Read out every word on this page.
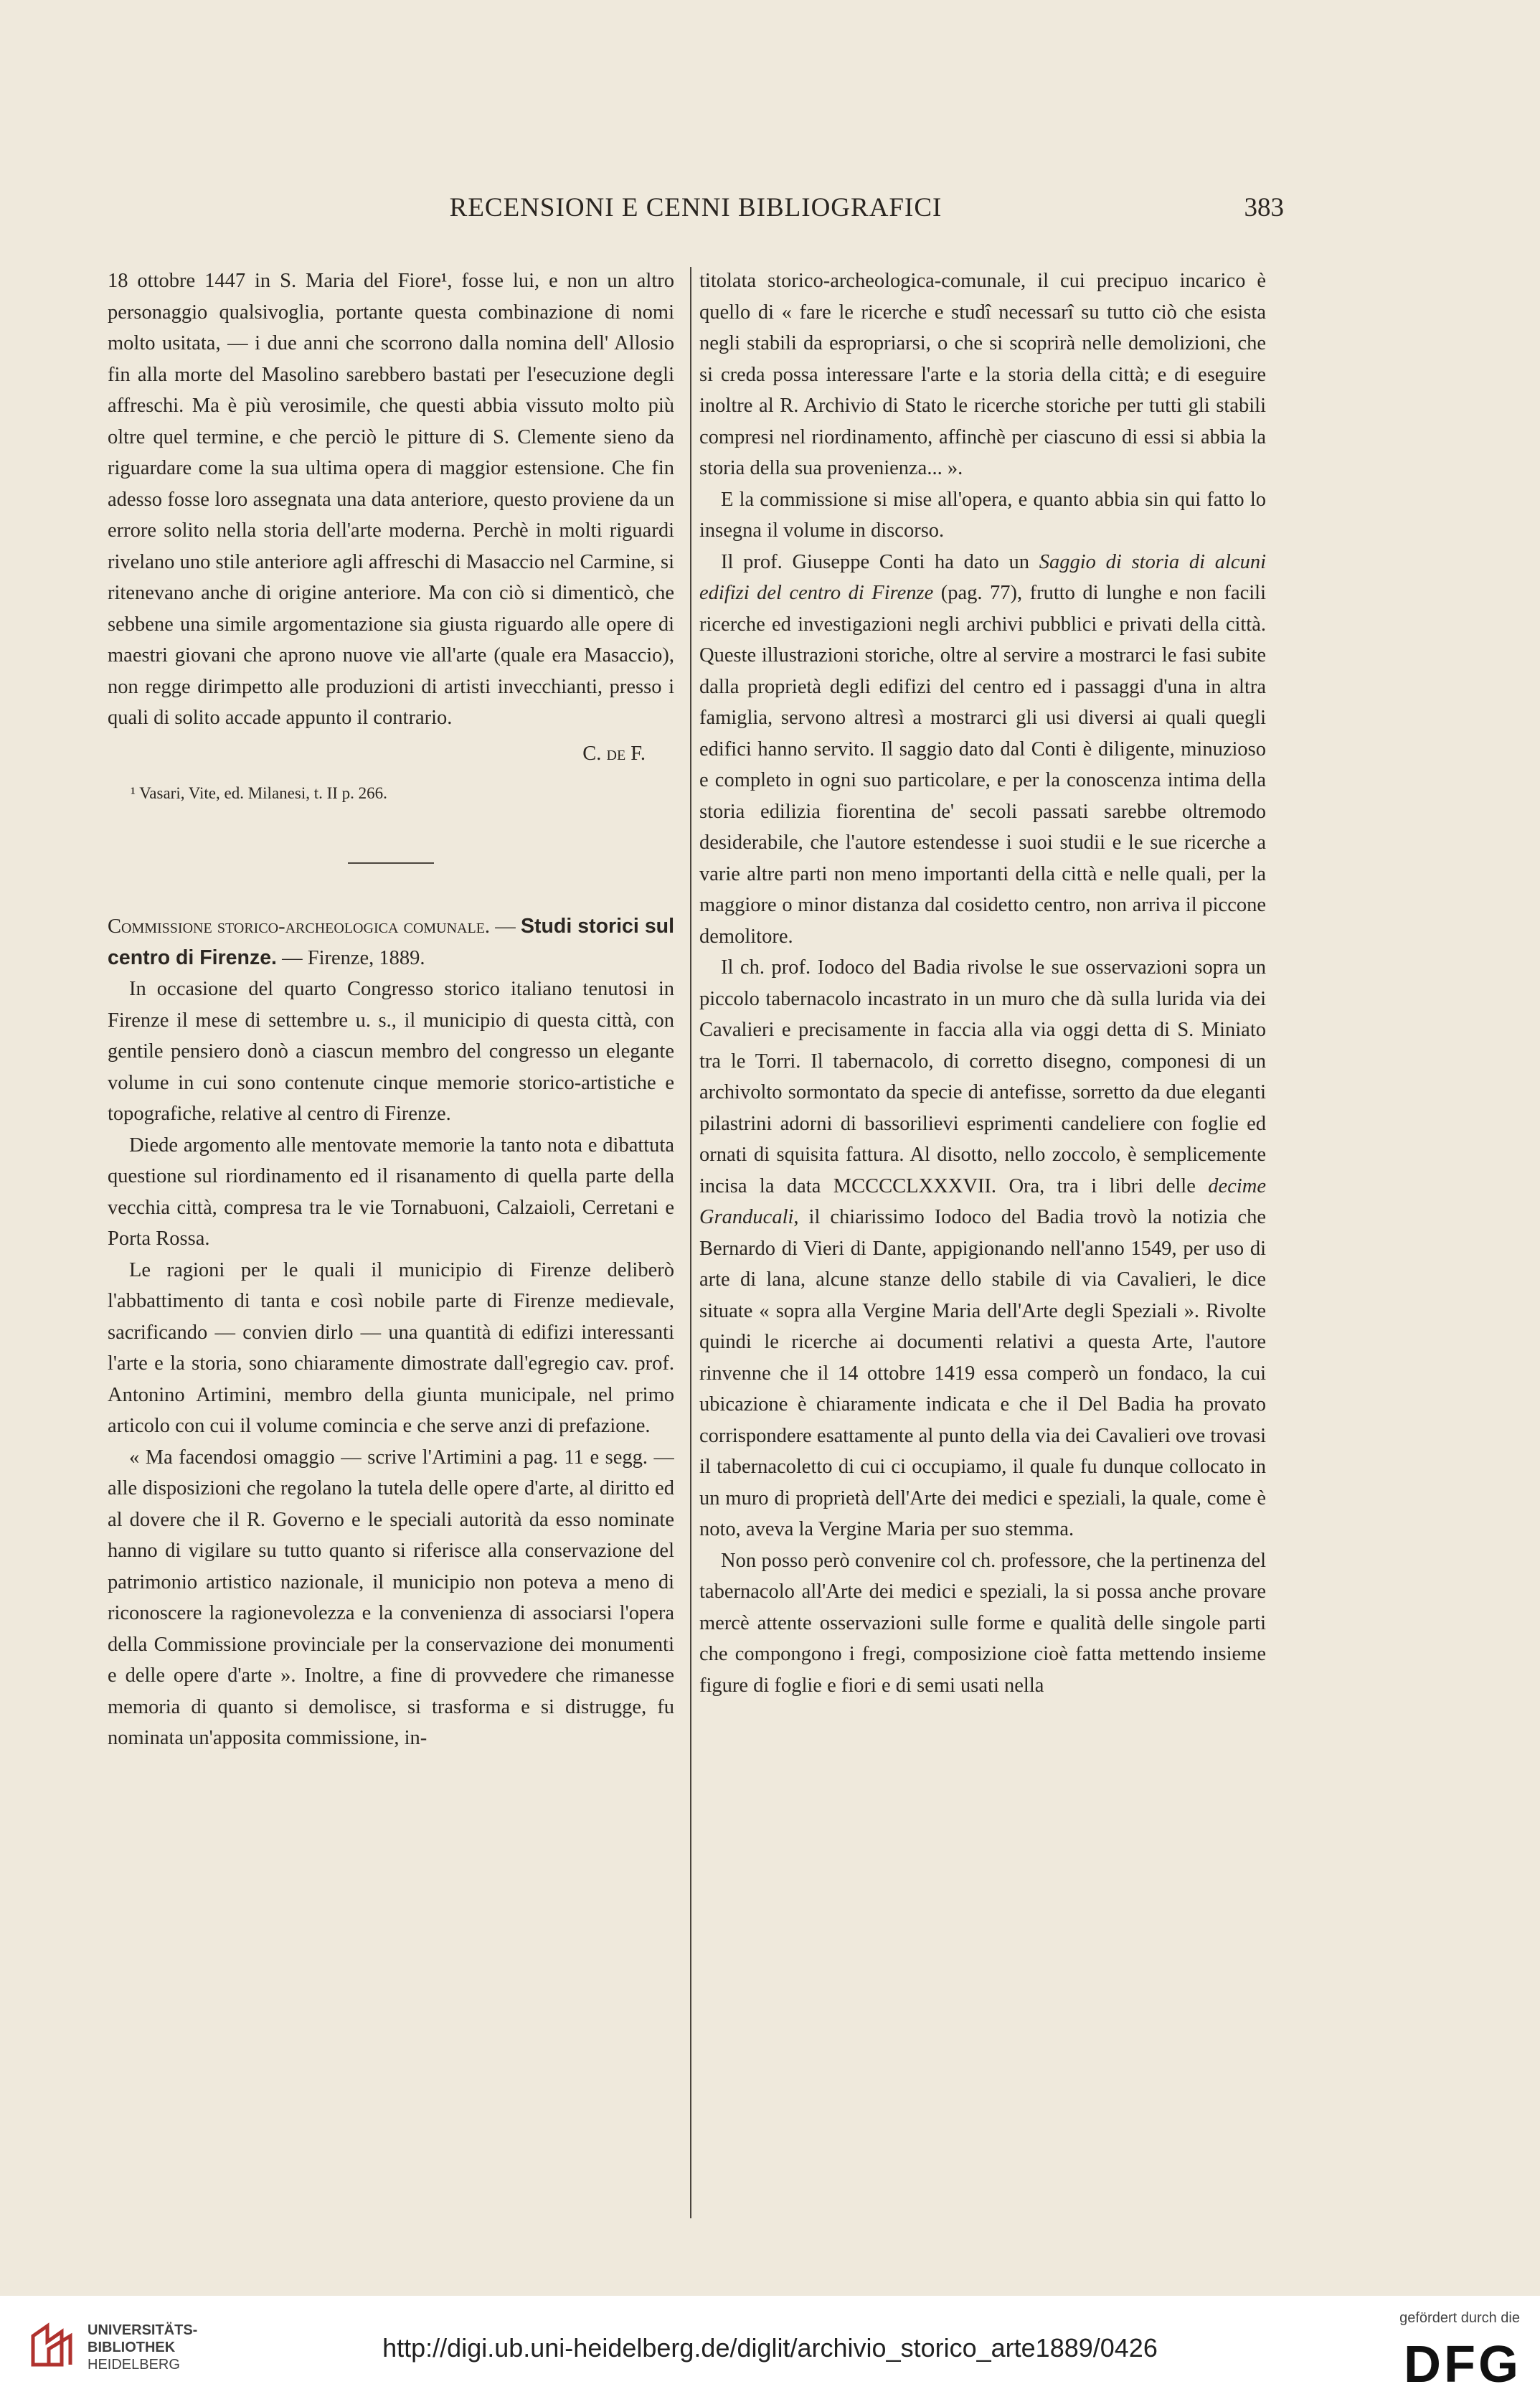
RECENSIONI E CENNI BIBLIOGRAFICI	383

18 ottobre 1447 in S. Maria del Fiore¹, fosse lui, e non un altro personaggio qualsivoglia, portante questa combinazione di nomi molto usitata, — i due anni che scorrono dalla nomina dell' Allosio fin alla morte del Masolino sarebbero bastati per l'esecuzione degli affreschi. Ma è più verosimile, che questi abbia vissuto molto più oltre quel termine, e che perciò le pitture di S. Clemente sieno da riguardare come la sua ultima opera di maggior estensione. Che fin adesso fosse loro assegnata una data anteriore, questo proviene da un errore solito nella storia dell'arte moderna. Perchè in molti riguardi rivelano uno stile anteriore agli affreschi di Masaccio nel Carmine, si ritenevano anche di origine anteriore. Ma con ciò si dimenticò, che sebbene una simile argomentazione sia giusta riguardo alle opere di maestri giovani che aprono nuove vie all'arte (quale era Masaccio), non regge dirimpetto alle produzioni di artisti invecchianti, presso i quali di solito accade appunto il contrario.

C. de F.

¹ Vasari, Vite, ed. Milanesi, t. II p. 266.

Commissione storico-archeologica comunale. — Studi storici sul centro di Firenze. — Firenze, 1889.

In occasione del quarto Congresso storico italiano tenutosi in Firenze il mese di settembre u. s., il municipio di questa città, con gentile pensiero donò a ciascun membro del congresso un elegante volume in cui sono contenute cinque memorie storico-artistiche e topografiche, relative al centro di Firenze.

Diede argomento alle mentovate memorie la tanto nota e dibattuta questione sul riordinamento ed il risanamento di quella parte della vecchia città, compresa tra le vie Tornabuoni, Calzaioli, Cerretani e Porta Rossa.

Le ragioni per le quali il municipio di Firenze deliberò l'abbattimento di tanta e così nobile parte di Firenze medievale, sacrificando — convien dirlo — una quantità di edifizi interessanti l'arte e la storia, sono chiaramente dimostrate dall'egregio cav. prof. Antonino Artimini, membro della giunta municipale, nel primo articolo con cui il volume comincia e che serve anzi di prefazione.

« Ma facendosi omaggio — scrive l'Artimini a pag. 11 e segg. — alle disposizioni che regolano la tutela delle opere d'arte, al diritto ed al dovere che il R. Governo e le speciali autorità da esso nominate hanno di vigilare su tutto quanto si riferisce alla conservazione del patrimonio artistico nazionale, il municipio non poteva a meno di riconoscere la ragionevolezza e la convenienza di associarsi l'opera della Commissione provinciale per la conservazione dei monumenti e delle opere d'arte ». Inoltre, a fine di provvedere che rimanesse memoria di quanto si demolisce, si trasforma e si distrugge, fu nominata un'apposita commissione, in-

titolata storico-archeologica-comunale, il cui precipuo incarico è quello di « fare le ricerche e studî necessarî su tutto ciò che esista negli stabili da espropriarsi, o che si scoprirà nelle demolizioni, che si creda possa interessare l'arte e la storia della città; e di eseguire inoltre al R. Archivio di Stato le ricerche storiche per tutti gli stabili compresi nel riordinamento, affinchè per ciascuno di essi si abbia la storia della sua provenienza... ».

E la commissione si mise all'opera, e quanto abbia sin qui fatto lo insegna il volume in discorso.

Il prof. Giuseppe Conti ha dato un Saggio di storia di alcuni edifizi del centro di Firenze (pag. 77), frutto di lunghe e non facili ricerche ed investigazioni negli archivi pubblici e privati della città. Queste illustrazioni storiche, oltre al servire a mostrarci le fasi subite dalla proprietà degli edifizi del centro ed i passaggi d'una in altra famiglia, servono altresì a mostrarci gli usi diversi ai quali quegli edifici hanno servito. Il saggio dato dal Conti è diligente, minuzioso e completo in ogni suo particolare, e per la conoscenza intima della storia edilizia fiorentina de' secoli passati sarebbe oltremodo desiderabile, che l'autore estendesse i suoi studii e le sue ricerche a varie altre parti non meno importanti della città e nelle quali, per la maggiore o minor distanza dal cosidetto centro, non arriva il piccone demolitore.

Il ch. prof. Iodoco del Badia rivolse le sue osservazioni sopra un piccolo tabernacolo incastrato in un muro che dà sulla lurida via dei Cavalieri e precisamente in faccia alla via oggi detta di S. Miniato tra le Torri. Il tabernacolo, di corretto disegno, componesi di un archivolto sormontato da specie di antefisse, sorretto da due eleganti pilastrini adorni di bassorilievi esprimenti candeliere con foglie ed ornati di squisita fattura. Al disotto, nello zoccolo, è semplicemente incisa la data MCCCCLXXXVII. Ora, tra i libri delle decime Granducali, il chiarissimo Iodoco del Badia trovò la notizia che Bernardo di Vieri di Dante, appigionando nell'anno 1549, per uso di arte di lana, alcune stanze dello stabile di via Cavalieri, le dice situate « sopra alla Vergine Maria dell'Arte degli Speziali ». Rivolte quindi le ricerche ai documenti relativi a questa Arte, l'autore rinvenne che il 14 ottobre 1419 essa comperò un fondaco, la cui ubicazione è chiaramente indicata e che il Del Badia ha provato corrispondere esattamente al punto della via dei Cavalieri ove trovasi il tabernacoletto di cui ci occupiamo, il quale fu dunque collocato in un muro di proprietà dell'Arte dei medici e speziali, la quale, come è noto, aveva la Vergine Maria per suo stemma.

Non posso però convenire col ch. professore, che la pertinenza del tabernacolo all'Arte dei medici e speziali, la si possa anche provare mercè attente osservazioni sulle forme e qualità delle singole parti che compongono i fregi, composizione cioè fatta mettendo insieme figure di foglie e fiori e di semi usati nella

UNIVERSITÄTS-
BIBLIOTHEK
HEIDELBERG
http://digi.ub.uni-heidelberg.de/diglit/archivio_storico_arte1889/0426
gefördert durch die
DFG
